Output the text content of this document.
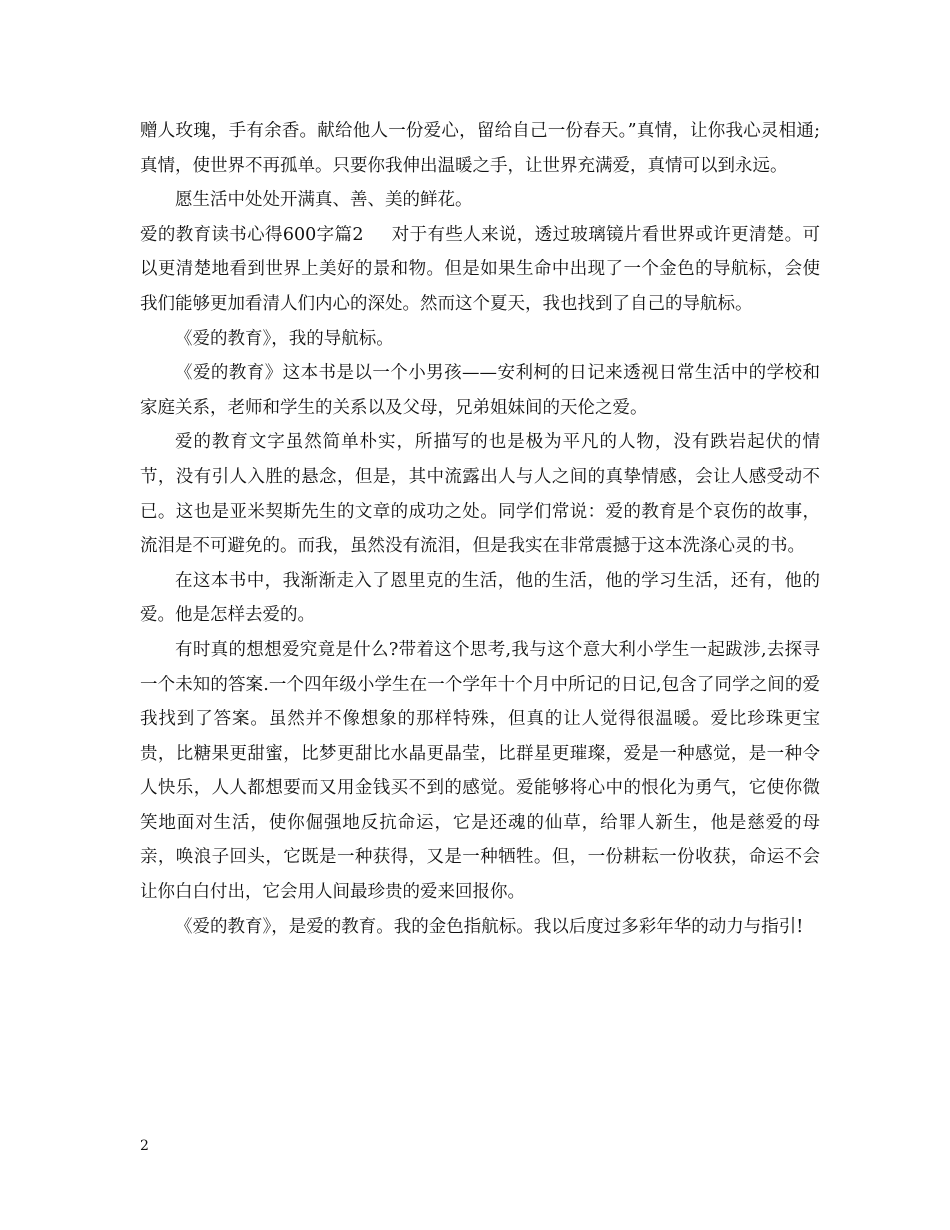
赠人玫瑰，手有余香。献给他人一份爱心，留给自己一份春天。”真情，让你我心灵相通;真情，使世界不再孤单。只要你我伸出温暖之手，让世界充满爱，真情可以到永远。

愿生活中处处开满真、善、美的鲜花。

爱的教育读书心得600字篇2 对于有些人来说，透过玻璃镜片看世界或许更清楚。可以更清楚地看到世界上美好的景和物。但是如果生命中出现了一个金色的导航标，会使我们能够更加看清人们内心的深处。然而这个夏天，我也找到了自己的导航标。

《爱的教育》，我的导航标。

《爱的教育》这本书是以一个小男孩——安利柯的日记来透视日常生活中的学校和家庭关系，老师和学生的关系以及父母，兄弟姐妹间的天伦之爱。

爱的教育文字虽然简单朴实，所描写的也是极为平凡的人物，没有跌岩起伏的情节，没有引人入胜的悬念，但是，其中流露出人与人之间的真挚情感，会让人感受动不已。这也是亚米契斯先生的文章的成功之处。同学们常说：爱的教育是个哀伤的故事，流泪是不可避免的。而我，虽然没有流泪，但是我实在非常震撼于这本洗涤心灵的书。

在这本书中，我渐渐走入了恩里克的生活，他的生活，他的学习生活，还有，他的爱。他是怎样去爱的。

有时真的想想爱究竟是什么?带着这个思考,我与这个意大利小学生一起跋涉,去探寻一个未知的答案.一个四年级小学生在一个学年十个月中所记的日记,包含了同学之间的爱我找到了答案。虽然并不像想象的那样特殊，但真的让人觉得很温暖。爱比珍珠更宝贵，比糖果更甜蜜，比梦更甜比水晶更晶莹，比群星更璀璨，爱是一种感觉，是一种令人快乐，人人都想要而又用金钱买不到的感觉。爱能够将心中的恨化为勇气，它使你微笑地面对生活，使你倔强地反抗命运，它是还魂的仙草，给罪人新生，他是慈爱的母亲，唤浪子回头，它既是一种获得，又是一种牺牲。但，一份耕耘一份收获，命运不会让你白白付出，它会用人间最珍贵的爱来回报你。

《爱的教育》，是爱的教育。我的金色指航标。我以后度过多彩年华的动力与指引!

2
